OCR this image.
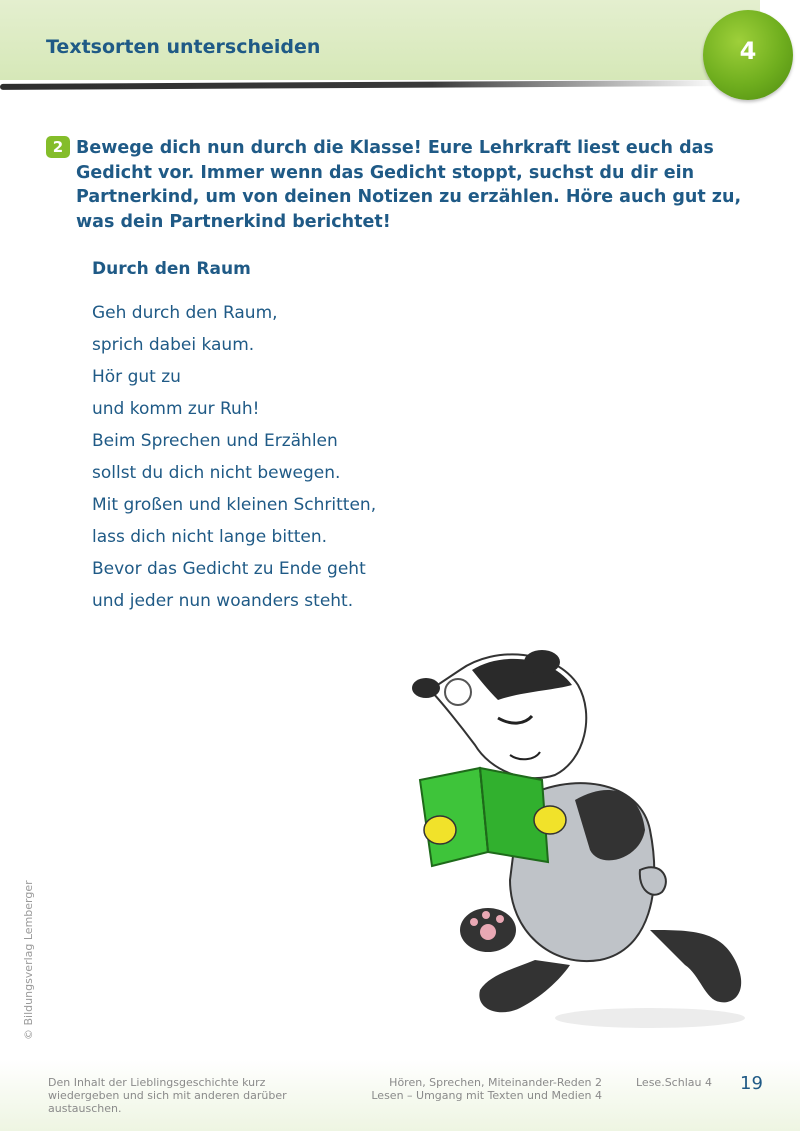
Textsorten unterscheiden	4
2 Bewege dich nun durch die Klasse! Eure Lehrkraft liest euch das Gedicht vor. Immer wenn das Gedicht stoppt, suchst du dir ein Partnerkind, um von deinen Notizen zu erzählen. Höre auch gut zu, was dein Partnerkind berichtet!
Durch den Raum
Geh durch den Raum,
sprich dabei kaum.
Hör gut zu
und komm zur Ruh!
Beim Sprechen und Erzählen
sollst du dich nicht bewegen.
Mit großen und kleinen Schritten,
lass dich nicht lange bitten.
Bevor das Gedicht zu Ende geht
und jeder nun woanders steht.
© Bildungsverlag Lemberger
Den Inhalt der Lieblingsgeschichte kurz
wiedergeben und sich mit anderen darüber
austauschen.
Hören, Sprechen, Miteinander-Reden 2
Lesen – Umgang mit Texten und Medien 4
Lese.Schlau 4 19
